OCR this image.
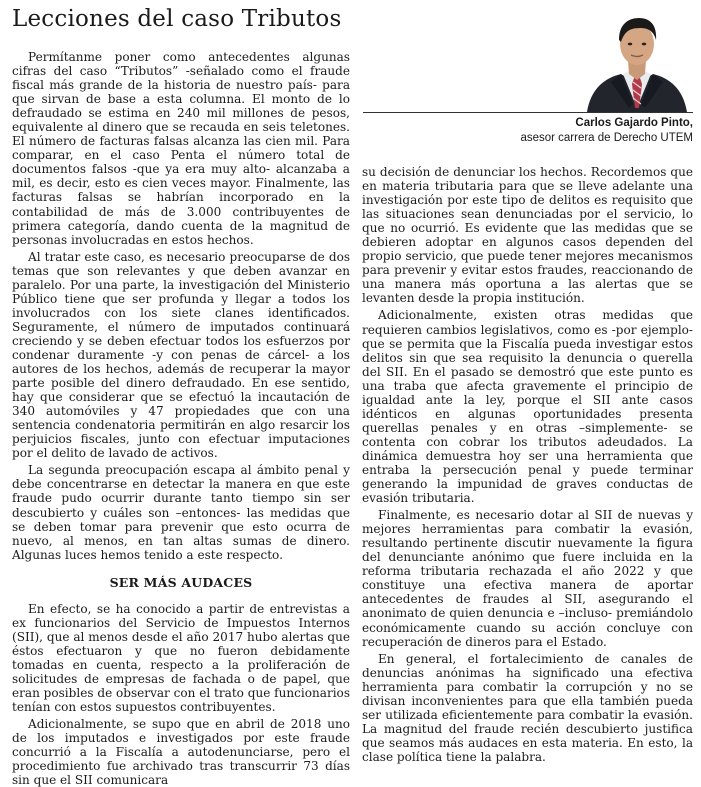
Lecciones del caso Tributos
Carlos Gajardo Pinto,
asesor carrera de Derecho UTEM

Permítanme poner como antecedentes algunas cifras del caso “Tributos” -señalado como el fraude fiscal más grande de la historia de nuestro país- para que sirvan de base a esta columna. El monto de lo defraudado se estima en 240 mil millones de pesos, equivalente al dinero que se recauda en seis teletones. El número de facturas falsas alcanza las cien mil. Para comparar, en el caso Penta el número total de documentos falsos -que ya era muy alto- alcanzaba a mil, es decir, esto es cien veces mayor. Finalmente, las facturas falsas se habrían incorporado en la contabilidad de más de 3.000 contribuyentes de primera categoría, dando cuenta de la magnitud de personas involucradas en estos hechos.

Al tratar este caso, es necesario preocuparse de dos temas que son relevantes y que deben avanzar en paralelo. Por una parte, la investigación del Ministerio Público tiene que ser profunda y llegar a todos los involucrados con los siete clanes identificados. Seguramente, el número de imputados continuará creciendo y se deben efectuar todos los esfuerzos por condenar duramente -y con penas de cárcel- a los autores de los hechos, además de recuperar la mayor parte posible del dinero defraudado. En ese sentido, hay que considerar que se efectuó la incautación de 340 automóviles y 47 propiedades que con una sentencia condenatoria permitirán en algo resarcir los perjuicios fiscales, junto con efectuar imputaciones por el delito de lavado de activos.

La segunda preocupación escapa al ámbito penal y debe concentrarse en detectar la manera en que este fraude pudo ocurrir durante tanto tiempo sin ser descubierto y cuáles son –entonces- las medidas que se deben tomar para prevenir que esto ocurra de nuevo, al menos, en tan altas sumas de dinero. Algunas luces hemos tenido a este respecto.

SER MÁS AUDACES

En efecto, se ha conocido a partir de entrevistas a ex funcionarios del Servicio de Impuestos Internos (SII), que al menos desde el año 2017 hubo alertas que éstos efectuaron y que no fueron debidamente tomadas en cuenta, respecto a la proliferación de solicitudes de empresas de fachada o de papel, que eran posibles de observar con el trato que funcionarios tenían con estos supuestos contribuyentes.

Adicionalmente, se supo que en abril de 2018 uno de los imputados e investigados por este fraude concurrió a la Fiscalía a autodenunciarse, pero el procedimiento fue archivado tras transcurrir 73 días sin que el SII comunicara

su decisión de denunciar los hechos. Recordemos que en materia tributaria para que se lleve adelante una investigación por este tipo de delitos es requisito que las situaciones sean denunciadas por el servicio, lo que no ocurrió. Es evidente que las medidas que se debieren adoptar en algunos casos dependen del propio servicio, que puede tener mejores mecanismos para prevenir y evitar estos fraudes, reaccionando de una manera más oportuna a las alertas que se levanten desde la propia institución.

Adicionalmente, existen otras medidas que requieren cambios legislativos, como es -por ejemplo- que se permita que la Fiscalía pueda investigar estos delitos sin que sea requisito la denuncia o querella del SII. En el pasado se demostró que este punto es una traba que afecta gravemente el principio de igualdad ante la ley, porque el SII ante casos idénticos en algunas oportunidades presenta querellas penales y en otras –simplemente- se contenta con cobrar los tributos adeudados. La dinámica demuestra hoy ser una herramienta que entraba la persecución penal y puede terminar generando la impunidad de graves conductas de evasión tributaria.

Finalmente, es necesario dotar al SII de nuevas y mejores herramientas para combatir la evasión, resultando pertinente discutir nuevamente la figura del denunciante anónimo que fuere incluida en la reforma tributaria rechazada el año 2022 y que constituye una efectiva manera de aportar antecedentes de fraudes al SII, asegurando el anonimato de quien denuncia e –incluso- premiándolo económicamente cuando su acción concluye con recuperación de dineros para el Estado.

En general, el fortalecimiento de canales de denuncias anónimas ha significado una efectiva herramienta para combatir la corrupción y no se divisan inconvenientes para que ella también pueda ser utilizada eficientemente para combatir la evasión. La magnitud del fraude recién descubierto justifica que seamos más audaces en esta materia. En esto, la clase política tiene la palabra.
